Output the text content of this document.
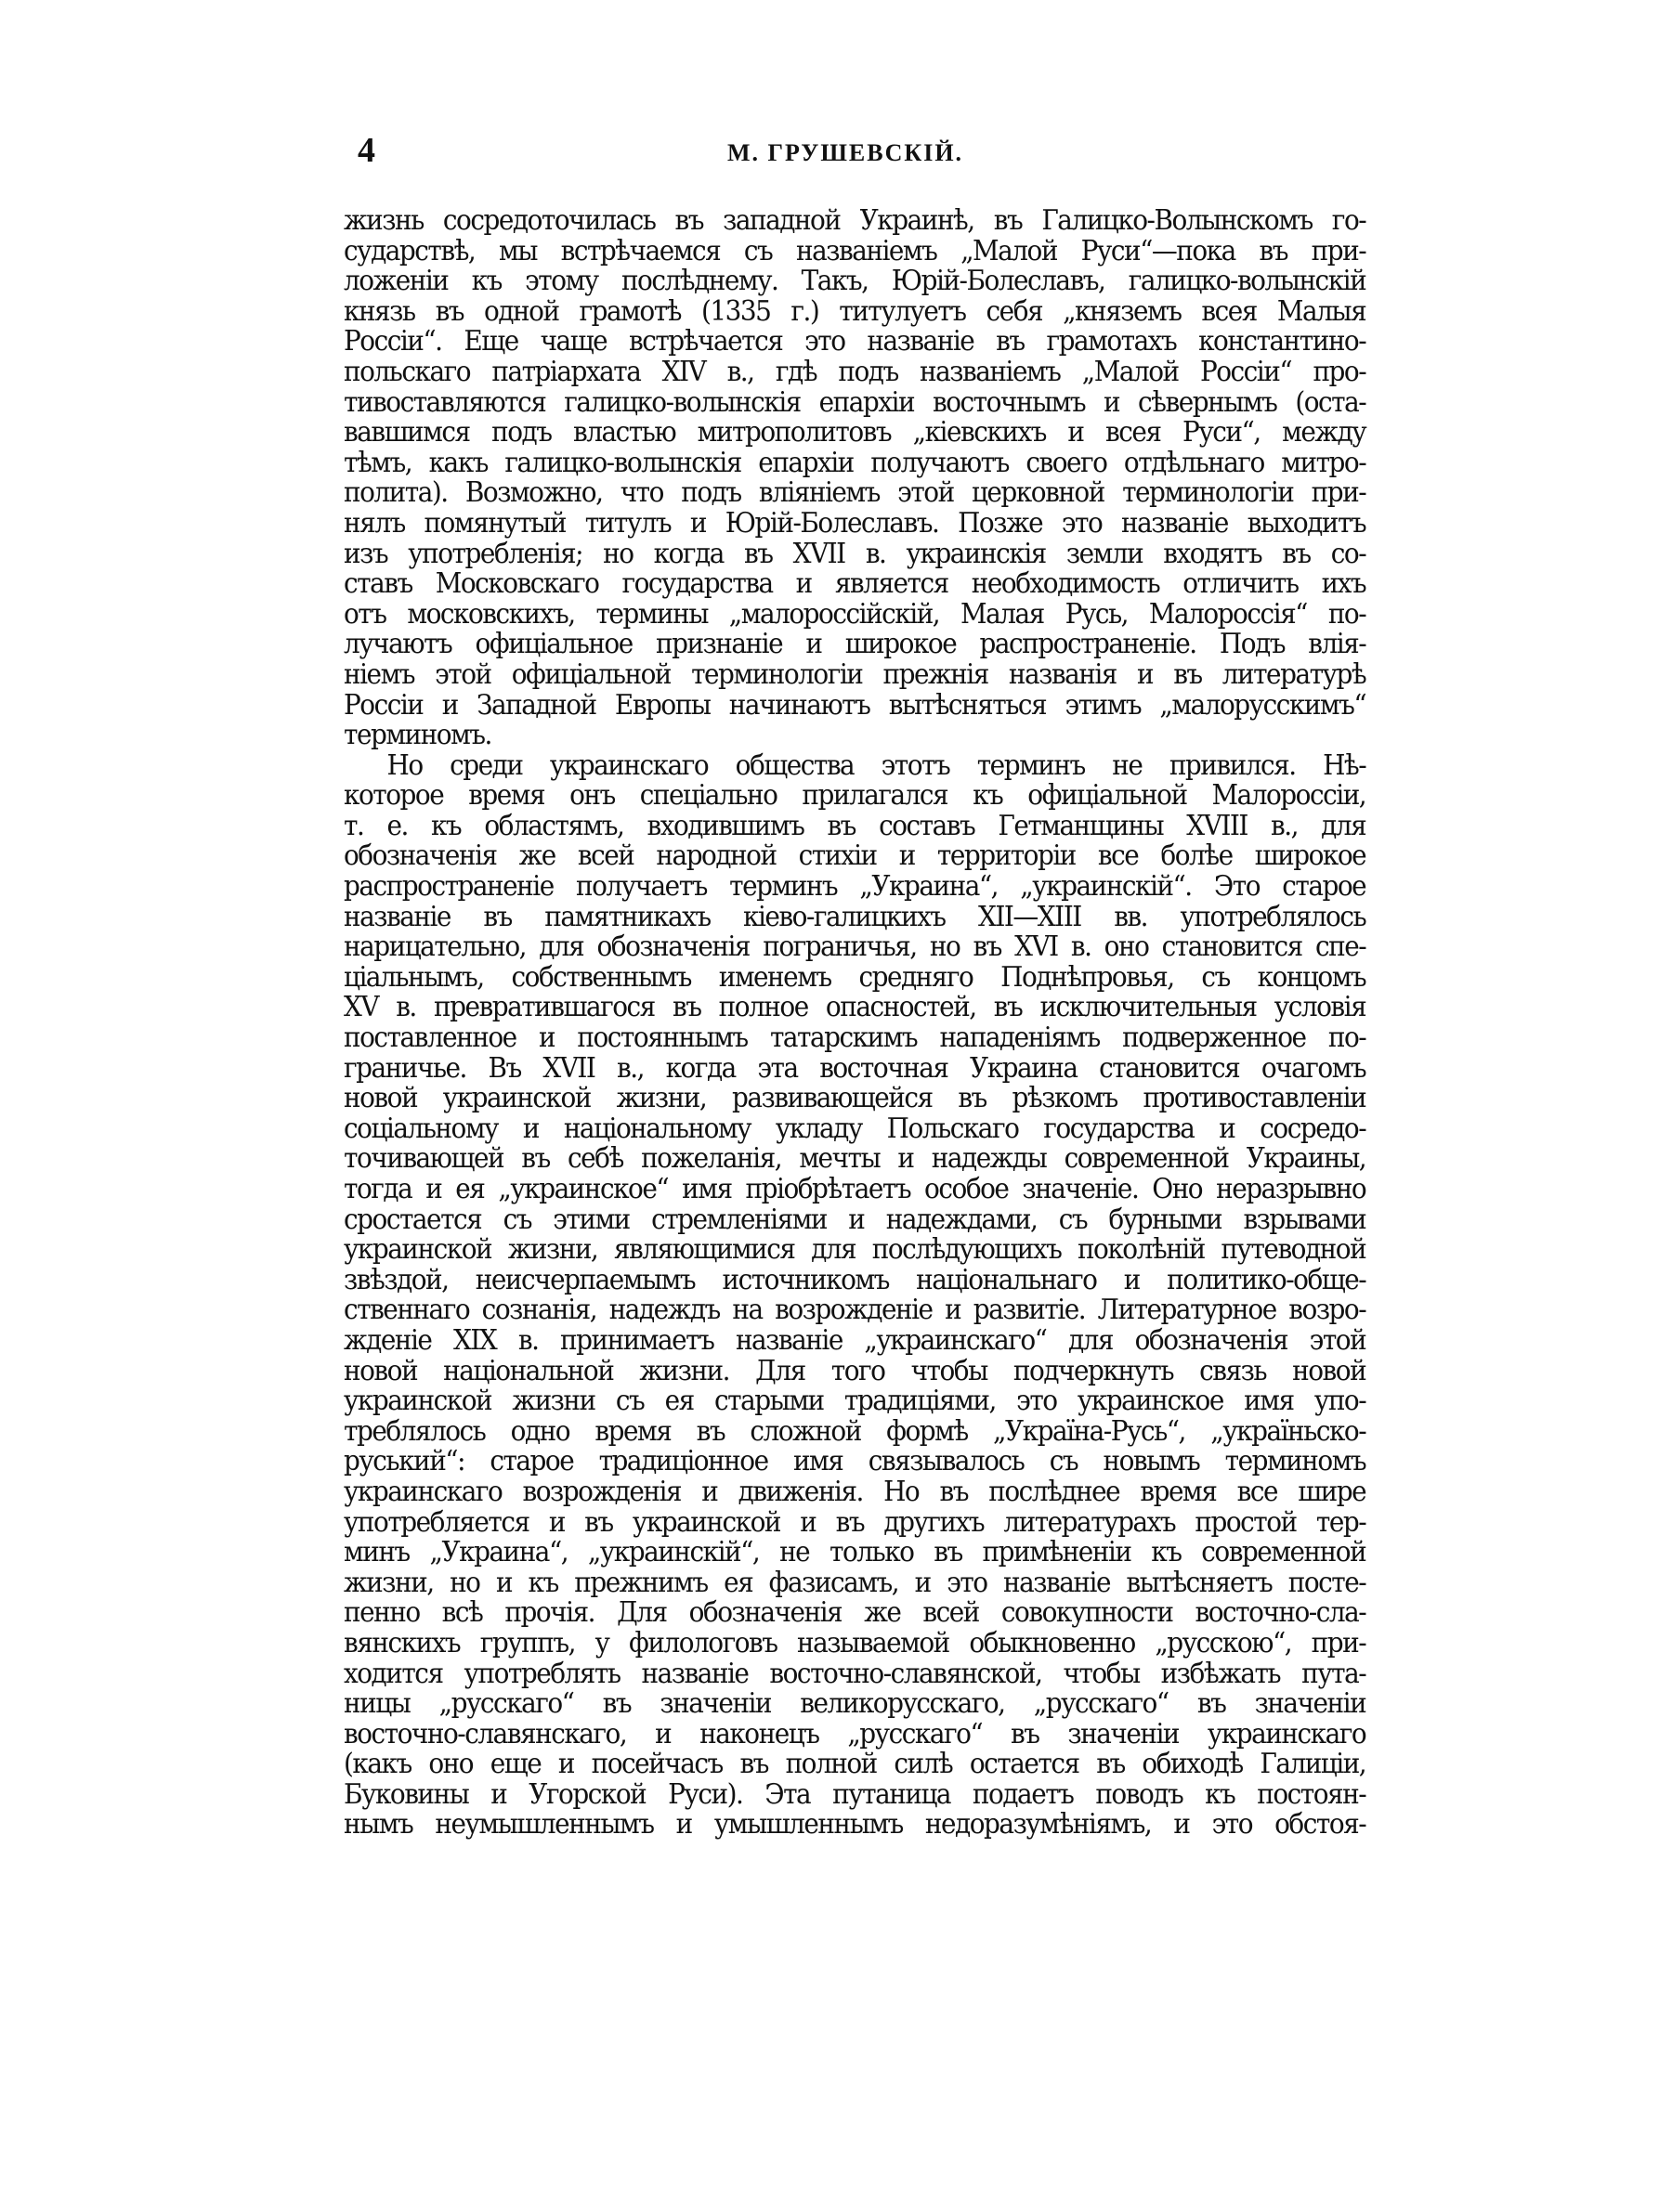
4	М. ГРУШЕВСКІЙ.
жизнь сосредоточилась въ западной Украинѣ, въ Галицко-Волынскомъ го-
сударствѣ, мы встрѣчаемся съ названіемъ „Малой Руси“—пока въ при-
ложеніи къ этому послѣднему. Такъ, Юрій-Болеславъ, галицко-волынскій
князь въ одной грамотѣ (1335 г.) титулуетъ себя „княземъ всея Малыя
Россіи“. Еще чаще встрѣчается это названіе въ грамотахъ константино-
польскаго патріархата XIV в., гдѣ подъ названіемъ „Малой Россіи“ про-
тивоставляются галицко-волынскія епархіи восточнымъ и сѣвернымъ (оста-
вавшимся подъ властью митрополитовъ „кіевскихъ и всея Руси“, между
тѣмъ, какъ галицко-волынскія епархіи получаютъ своего отдѣльнаго митро-
полита). Возможно, что подъ вліяніемъ этой церковной терминологіи при-
нялъ помянутый титулъ и Юрій-Болеславъ. Позже это названіе выходитъ
изъ употребленія; но когда въ XVII в. украинскія земли входятъ въ со-
ставъ Московскаго государства и является необходимость отличить ихъ
отъ московскихъ, термины „малороссійскій, Малая Русь, Малороссія“ по-
лучаютъ офиціальное признаніе и широкое распространеніе. Подъ влія-
ніемъ этой офиціальной терминологіи прежнія названія и въ литературѣ
Россіи и Западной Европы начинаютъ вытѣсняться этимъ „малорусскимъ“
терминомъ.
Но среди украинскаго общества этотъ терминъ не привился. Нѣ-
которое время онъ спеціально прилагался къ офиціальной Малороссіи,
т. е. къ областямъ, входившимъ въ составъ Гетманщины XVIII в., для
обозначенія же всей народной стихіи и территоріи все болѣе широкое
распространеніе получаетъ терминъ „Украина“, „украинскій“. Это старое
названіе въ памятникахъ кіево-галицкихъ XII—XIII вв. употреблялось
нарицательно, для обозначенія пограничья, но въ XVI в. оно становится спе-
ціальнымъ, собственнымъ именемъ средняго Поднѣпровья, съ концомъ
XV в. превратившагося въ полное опасностей, въ исключительныя условія
поставленное и постояннымъ татарскимъ нападеніямъ подверженное по-
граничье. Въ XVII в., когда эта восточная Украина становится очагомъ
новой украинской жизни, развивающейся въ рѣзкомъ противоставленіи
соціальному и національному укладу Польскаго государства и сосредо-
точивающей въ себѣ пожеланія, мечты и надежды современной Украины,
тогда и ея „украинское“ имя пріобрѣтаетъ особое значеніе. Оно неразрывно
сростается съ этими стремленіями и надеждами, съ бурными взрывами
украинской жизни, являющимися для послѣдующихъ поколѣній путеводной
звѣздой, неисчерпаемымъ источникомъ національнаго и политико-обще-
ственнаго сознанія, надеждъ на возрожденіе и развитіе. Литературное возро-
жденіе XIX в. принимаетъ названіе „украинскаго“ для обозначенія этой
новой національной жизни. Для того чтобы подчеркнуть связь новой
украинской жизни съ ея старыми традиціями, это украинское имя упо-
треблялось одно время въ сложной формѣ „Украïна-Русь“, „украïньско-
руський“: старое традиціонное имя связывалось съ новымъ терминомъ
украинскаго возрожденія и движенія. Но въ послѣднее время все шире
употребляется и въ украинской и въ другихъ литературахъ простой тер-
минъ „Украина“, „украинскій“, не только въ примѣненіи къ современной
жизни, но и къ прежнимъ ея фазисамъ, и это названіе вытѣсняетъ посте-
пенно всѣ прочія. Для обозначенія же всей совокупности восточно-сла-
вянскихъ группъ, у филологовъ называемой обыкновенно „русскою“, при-
ходится употреблять названіе восточно-славянской, чтобы избѣжать пута-
ницы „русскаго“ въ значеніи великорусскаго, „русскаго“ въ значеніи
восточно-славянскаго, и наконецъ „русскаго“ въ значеніи украинскаго
(какъ оно еще и посейчасъ въ полной силѣ остается въ обиходѣ Галиціи,
Буковины и Угорской Руси). Эта путаница подаетъ поводъ къ постоян-
нымъ неумышленнымъ и умышленнымъ недоразумѣніямъ, и это обстоя-
